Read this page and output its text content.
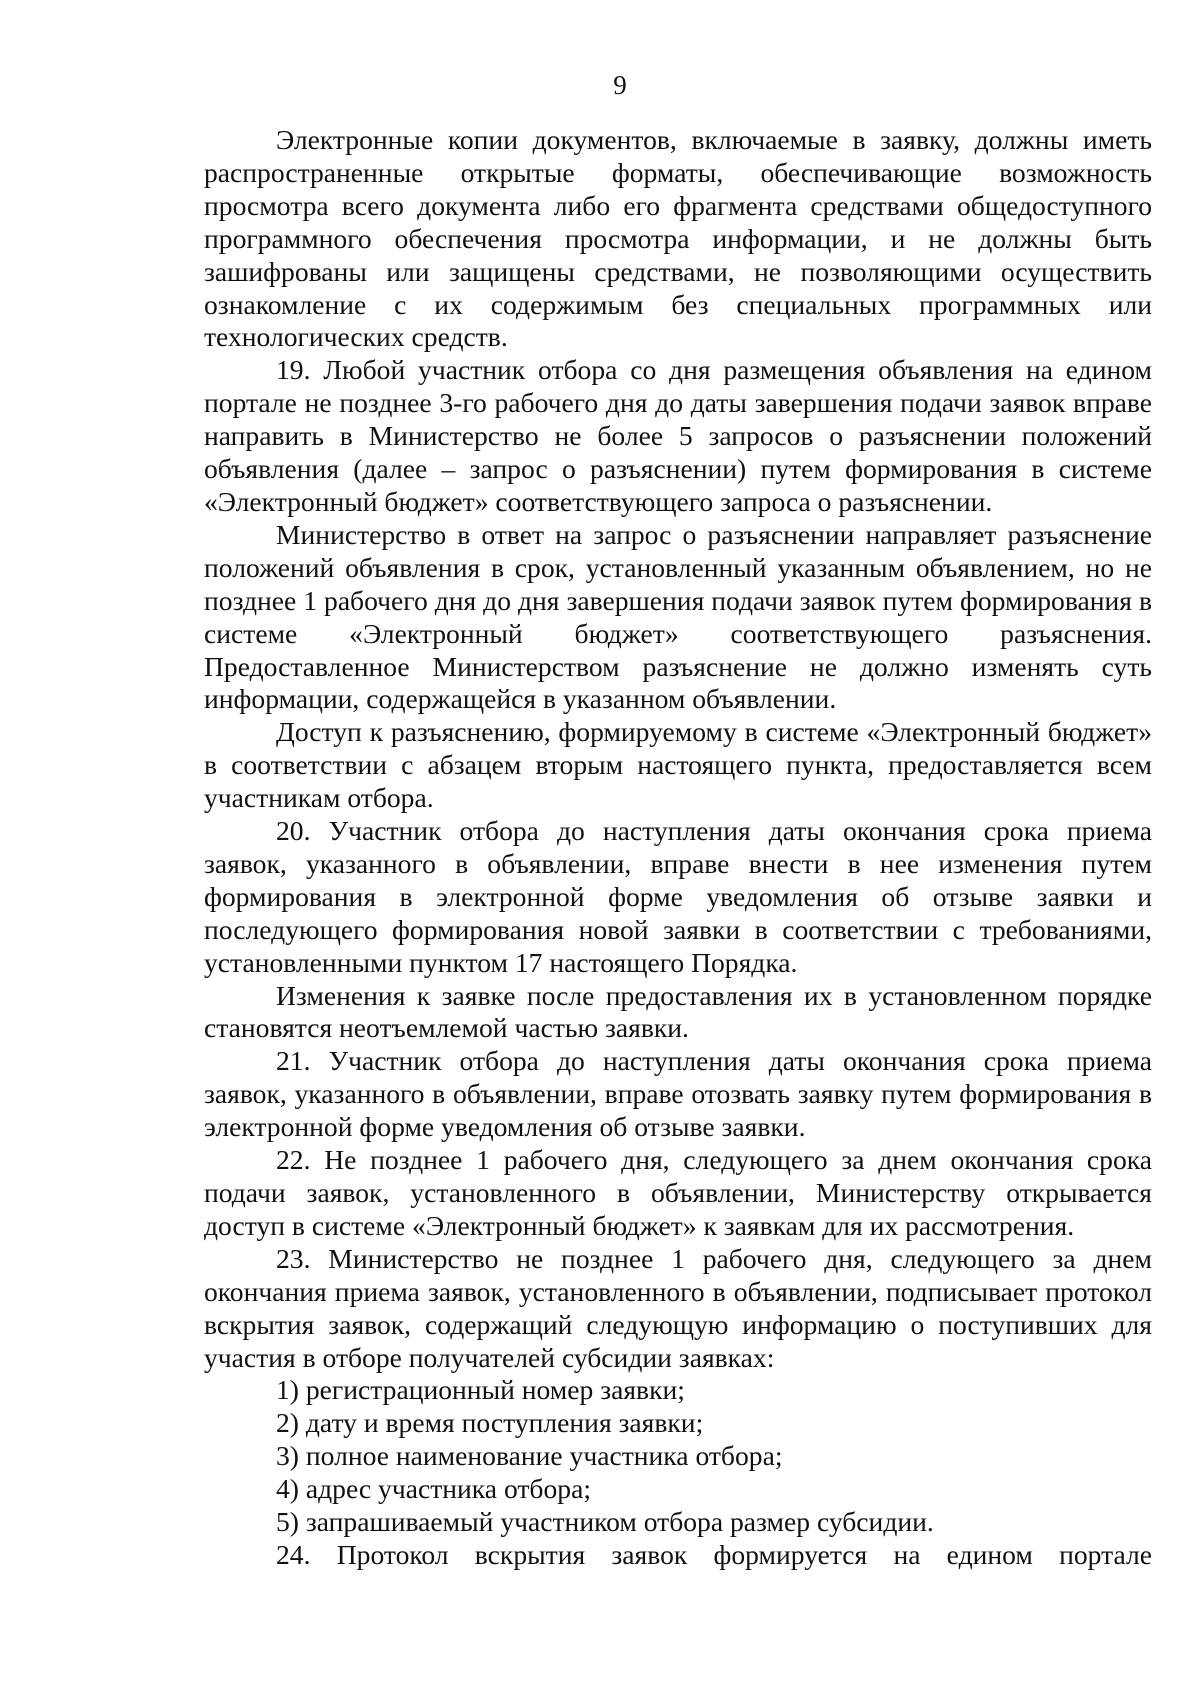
9

Электронные копии документов, включаемые в заявку, должны иметь распространенные открытые форматы, обеспечивающие возможность просмотра всего документа либо его фрагмента средствами общедоступного программного обеспечения просмотра информации, и не должны быть зашифрованы или защищены средствами, не позволяющими осуществить ознакомление с их содержимым без специальных программных или технологических средств.

19. Любой участник отбора со дня размещения объявления на едином портале не позднее 3-го рабочего дня до даты завершения подачи заявок вправе направить в Министерство не более 5 запросов о разъяснении положений объявления (далее – запрос о разъяснении) путем формирования в системе «Электронный бюджет» соответствующего запроса о разъяснении.

Министерство в ответ на запрос о разъяснении направляет разъяснение положений объявления в срок, установленный указанным объявлением, но не позднее 1 рабочего дня до дня завершения подачи заявок путем формирования в системе «Электронный бюджет» соответствующего разъяснения. Предоставленное Министерством разъяснение не должно изменять суть информации, содержащейся в указанном объявлении.

Доступ к разъяснению, формируемому в системе «Электронный бюджет» в соответствии с абзацем вторым настоящего пункта, предоставляется всем участникам отбора.

20. Участник отбора до наступления даты окончания срока приема заявок, указанного в объявлении, вправе внести в нее изменения путем формирования в электронной форме уведомления об отзыве заявки и последующего формирования новой заявки в соответствии с требованиями, установленными пунктом 17 настоящего Порядка.

Изменения к заявке после предоставления их в установленном порядке становятся неотъемлемой частью заявки.

21. Участник отбора до наступления даты окончания срока приема заявок, указанного в объявлении, вправе отозвать заявку путем формирования в электронной форме уведомления об отзыве заявки.

22. Не позднее 1 рабочего дня, следующего за днем окончания срока подачи заявок, установленного в объявлении, Министерству открывается доступ в системе «Электронный бюджет» к заявкам для их рассмотрения.

23. Министерство не позднее 1 рабочего дня, следующего за днем окончания приема заявок, установленного в объявлении, подписывает протокол вскрытия заявок, содержащий следующую информацию о поступивших для участия в отборе получателей субсидии заявках:

1) регистрационный номер заявки;

2) дату и время поступления заявки;

3) полное наименование участника отбора;

4) адрес участника отбора;

5) запрашиваемый участником отбора размер субсидии.

24. Протокол вскрытия заявок формируется на едином портале
